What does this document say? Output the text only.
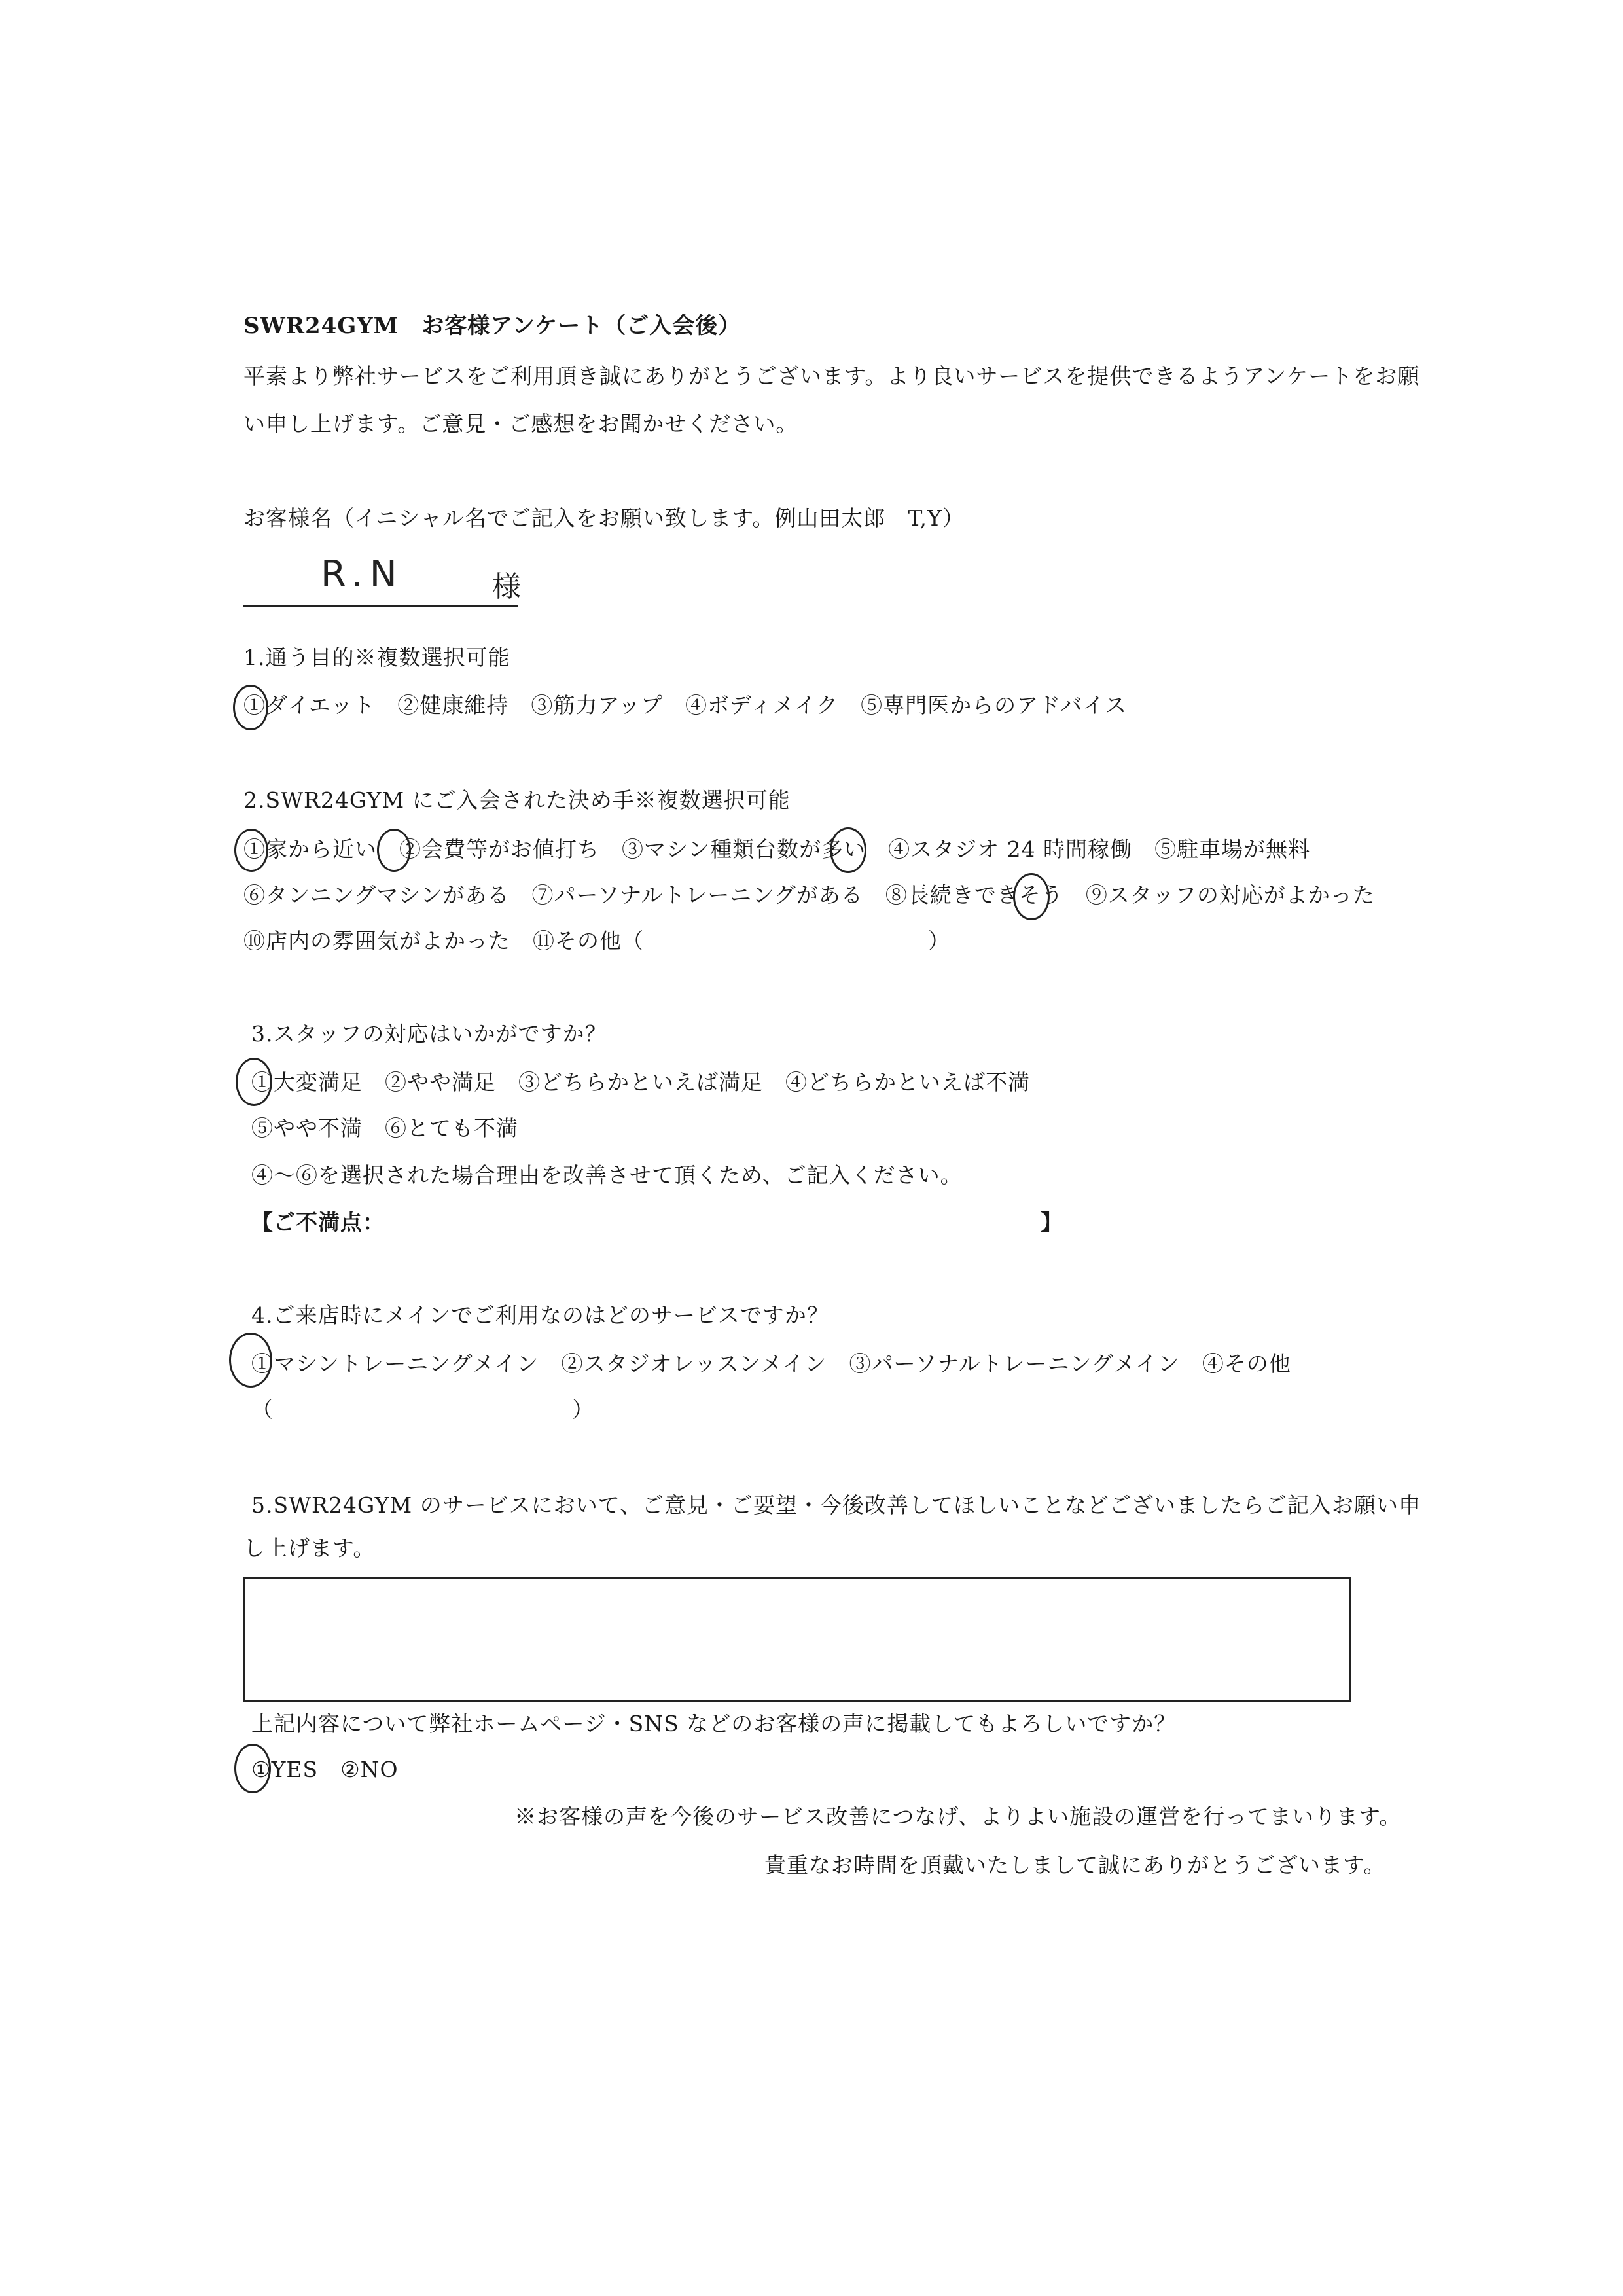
SWR24GYM　お客様アンケート（ご入会後）
平素より弊社サービスをご利用頂き誠にありがとうございます。より良いサービスを提供できるようアンケートをお願
い申し上げます。ご意見・ご感想をお聞かせください。
お客様名（イニシャル名でご記入をお願い致します。例山田太郎　T,Y）
R.N	様
1.通う目的※複数選択可能
①ダイエット　②健康維持　③筋力アップ　④ボディメイク　⑤専門医からのアドバイス
2.SWR24GYM にご入会された決め手※複数選択可能
①家から近い　②会費等がお値打ち　③マシン種類台数が多い　④スタジオ 24 時間稼働　⑤駐車場が無料
⑥タンニングマシンがある　⑦パーソナルトレーニングがある　⑧長続きできそう　⑨スタッフの対応がよかった
⑩店内の雰囲気がよかった　⑪その他（	）
3.スタッフの対応はいかがですか？
①大変満足　②やや満足　③どちらかといえば満足　④どちらかといえば不満
⑤やや不満　⑥とても不満
④～⑥を選択された場合理由を改善させて頂くため、ご記入ください。
【ご不満点：	】
4.ご来店時にメインでご利用なのはどのサービスですか？
①マシントレーニングメイン　②スタジオレッスンメイン　③パーソナルトレーニングメイン　④その他
（	）
5.SWR24GYM のサービスにおいて、ご意見・ご要望・今後改善してほしいことなどございましたらご記入お願い申
し上げます。
上記内容について弊社ホームページ・SNS などのお客様の声に掲載してもよろしいですか？
①YES　②NO
※お客様の声を今後のサービス改善につなげ、よりよい施設の運営を行ってまいります。
貴重なお時間を頂戴いたしまして誠にありがとうございます。
